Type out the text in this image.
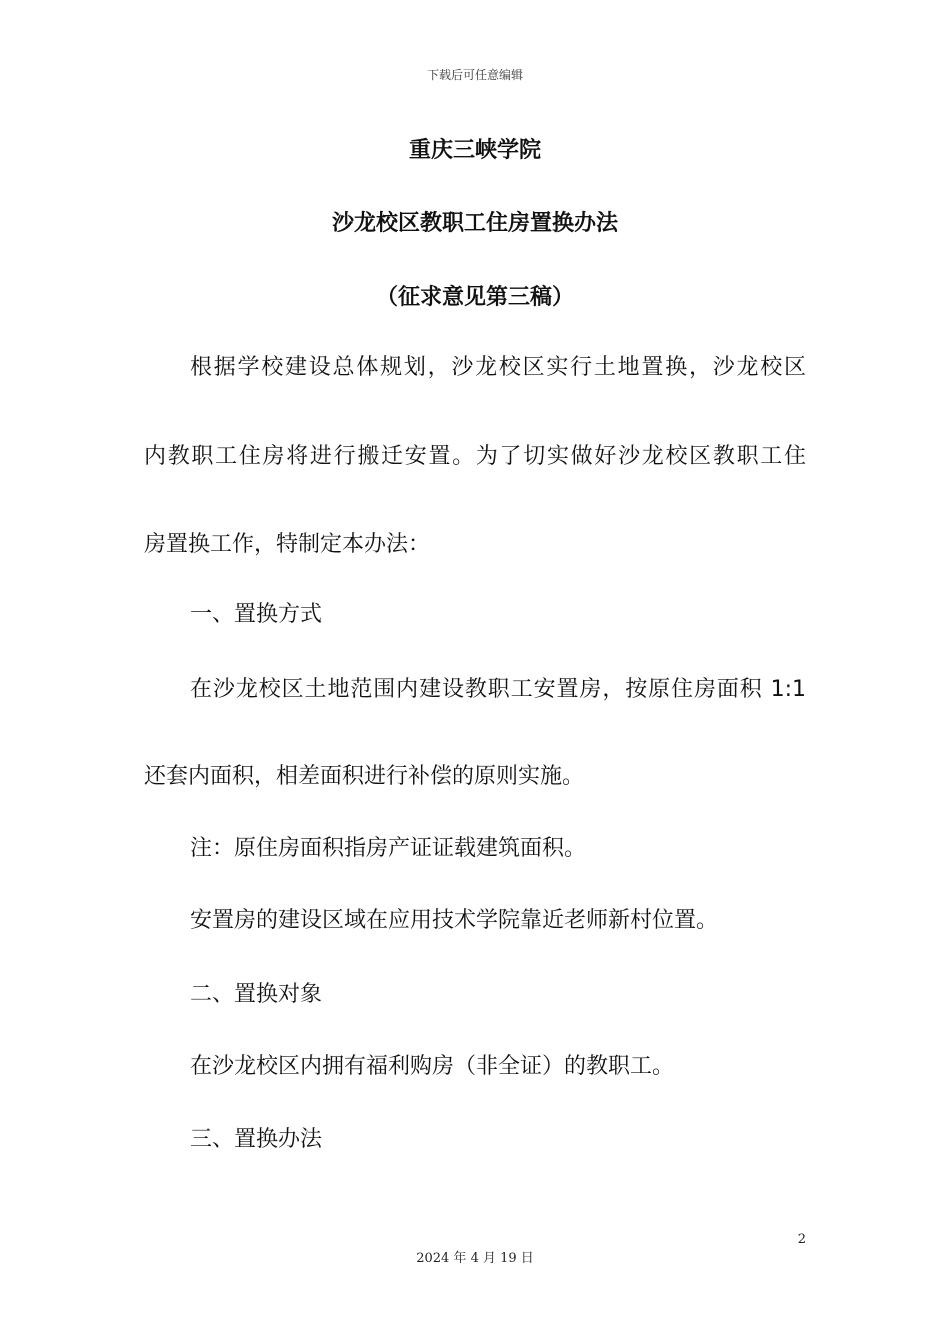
下载后可任意编辑
重庆三峡学院
沙龙校区教职工住房置换办法
（征求意见第三稿）
根据学校建设总体规划，沙龙校区实行土地置换，沙龙校区
内教职工住房将进行搬迁安置。为了切实做好沙龙校区教职工住
房置换工作，特制定本办法：
一、置换方式
在沙龙校区土地范围内建设教职工安置房，按原住房面积 1:1
还套内面积，相差面积进行补偿的原则实施。
注：原住房面积指房产证证载建筑面积。
安置房的建设区域在应用技术学院靠近老师新村位置。
二、置换对象
在沙龙校区内拥有福利购房（非全证）的教职工。
三、置换办法
2
2024 年 4 月 19 日
